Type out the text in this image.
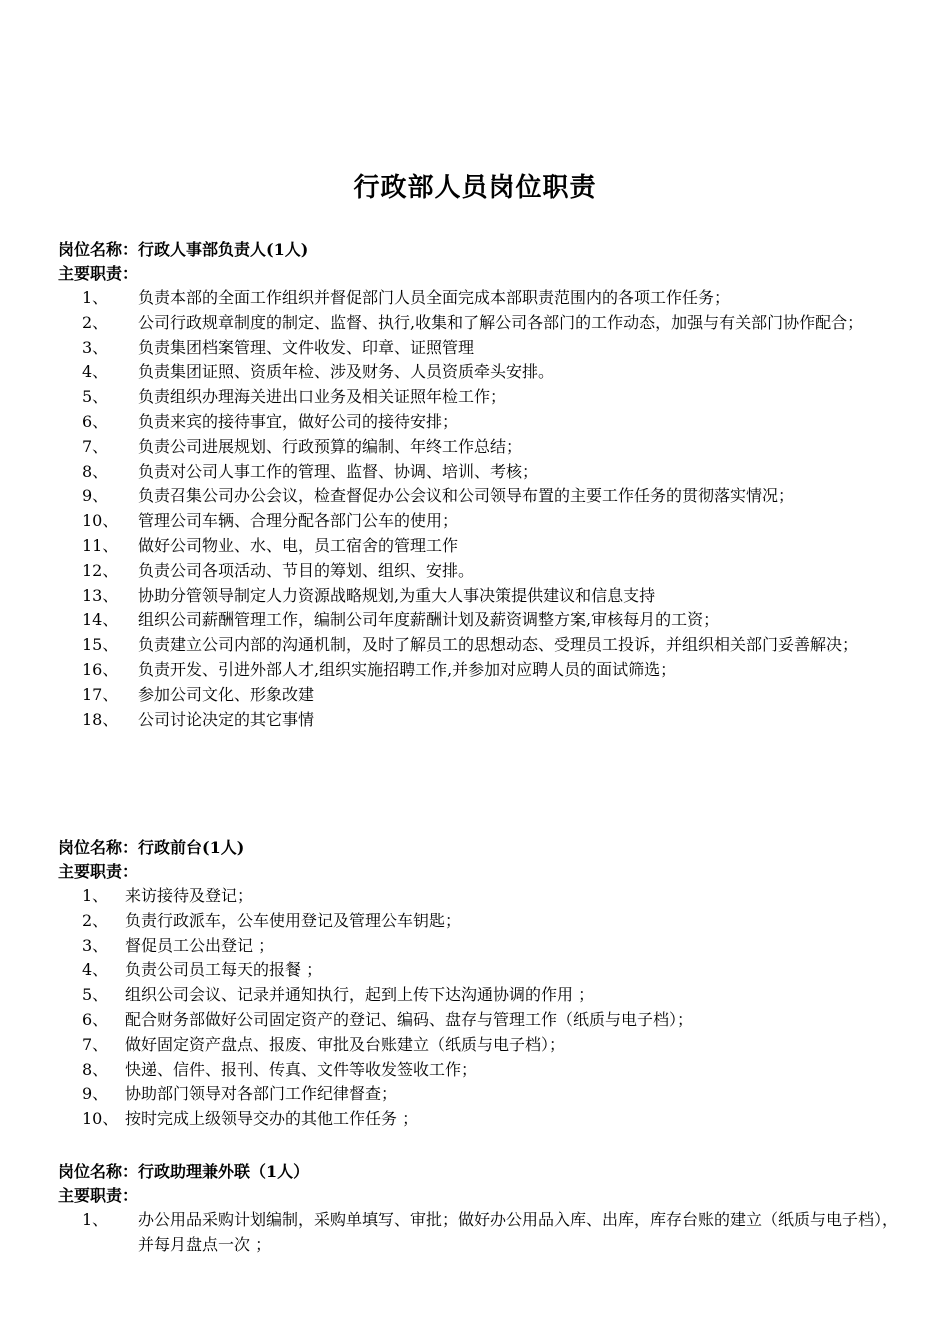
行政部人员岗位职责
岗位名称：行政人事部负责人(1人)
主要职责：
1、	负责本部的全面工作组织并督促部门人员全面完成本部职责范围内的各项工作任务；
2、	公司行政规章制度的制定、监督、执行,收集和了解公司各部门的工作动态，加强与有关部门协作配合；
3、	负责集团档案管理、文件收发、印章、证照管理
4、	负责集团证照、资质年检、涉及财务、人员资质牵头安排。
5、	负责组织办理海关进出口业务及相关证照年检工作；
6、	负责来宾的接待事宜，做好公司的接待安排；
7、	负责公司进展规划、行政预算的编制、年终工作总结；
8、	负责对公司人事工作的管理、监督、协调、培训、考核；
9、	负责召集公司办公会议，检查督促办公会议和公司领导布置的主要工作任务的贯彻落实情况；
10、	管理公司车辆、合理分配各部门公车的使用；
11、	做好公司物业、水、电，员工宿舍的管理工作
12、	负责公司各项活动、节目的筹划、组织、安排。
13、	协助分管领导制定人力资源战略规划,为重大人事决策提供建议和信息支持
14、	组织公司薪酬管理工作，编制公司年度薪酬计划及薪资调整方案,审核每月的工资；
15、	负责建立公司内部的沟通机制，及时了解员工的思想动态、受理员工投诉，并组织相关部门妥善解决；
16、	负责开发、引进外部人才,组织实施招聘工作,并参加对应聘人员的面试筛选；
17、	参加公司文化、形象改建
18、	公司讨论决定的其它事情
岗位名称：行政前台(1人)
主要职责：
1、	来访接待及登记；
2、	负责行政派车，公车使用登记及管理公车钥匙；
3、	督促员工公出登记 ；
4、	负责公司员工每天的报餐 ；
5、	组织公司会议、记录并通知执行，起到上传下达沟通协调的作用 ；
6、	配合财务部做好公司固定资产的登记、编码、盘存与管理工作（纸质与电子档）；
7、	做好固定资产盘点、报废、审批及台账建立（纸质与电子档）；
8、	快递、信件、报刊、传真、文件等收发签收工作；
9、	协助部门领导对各部门工作纪律督查；
10、 按时完成上级领导交办的其他工作任务 ；
岗位名称：行政助理兼外联（1人）
主要职责：
1、	办公用品采购计划编制，采购单填写、审批；做好办公用品入库、出库，库存台账的建立（纸质与电子档），并每月盘点一次 ；
